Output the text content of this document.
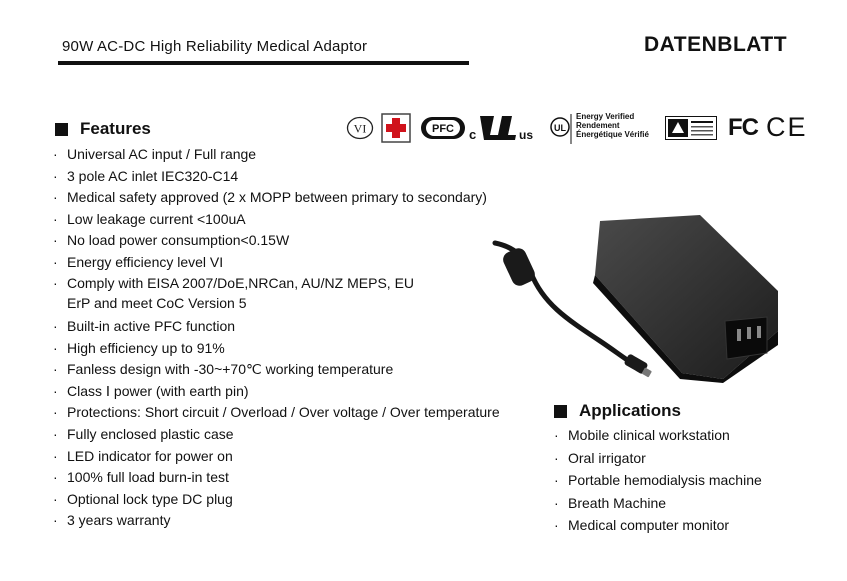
90W AC-DC High Reliability Medical Adaptor	DATENBLATT
VI	PFC c	us UL
Energy Verified
Rendement
Énergétique Vérifié	FC CE
Features
· Universal AC input / Full range
· 3 pole AC inlet IEC320-C14
· Medical safety approved (2 x MOPP between primary to secondary)
· Low leakage current <100uA
· No load power consumption<0.15W
· Energy efficiency level VI
· Comply with EISA 2007/DoE,NRCan, AU/NZ MEPS, EU ErP and meet CoC Version 5
· Built-in active PFC function
· High efficiency up to 91%
· Fanless design with -30~+70℃ working temperature
· Class Ⅰ power (with earth pin)
· Protections: Short circuit / Overload / Over voltage / Over temperature
· Fully enclosed plastic case
· LED indicator for power on
· 100% full load burn-in test
· Optional lock type DC plug
· 3 years warranty
Applications
· Mobile clinical workstation
· Oral irrigator
· Portable hemodialysis machine
· Breath Machine
· Medical computer monitor
